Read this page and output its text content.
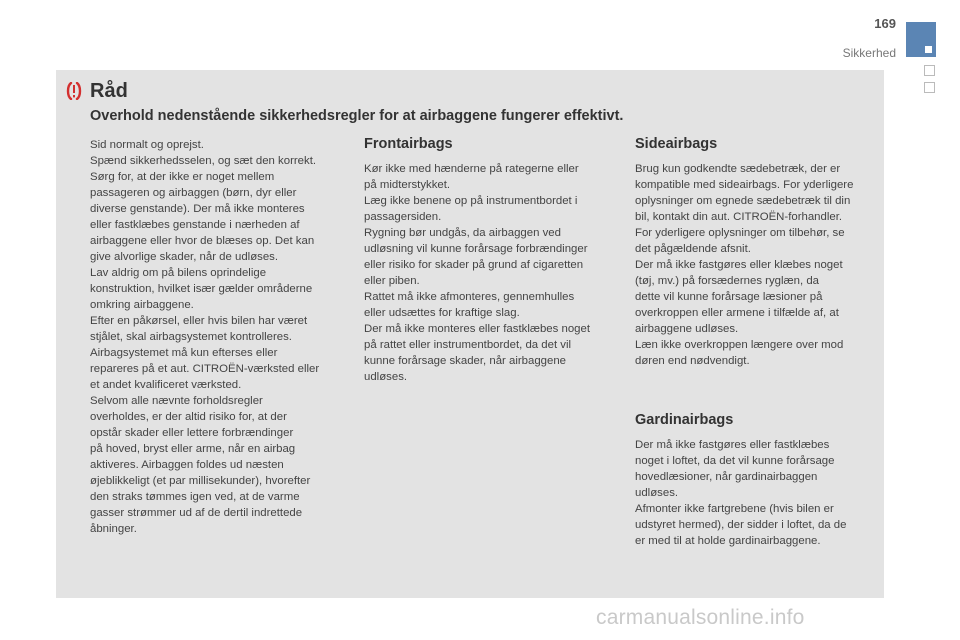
169
Sikkerhed
Råd
Overhold nedenstående sikkerhedsregler for at airbaggene fungerer effektivt.
Sid normalt og oprejst.
Spænd sikkerhedsselen, og sæt den korrekt.
Sørg for, at der ikke er noget mellem
passageren og airbaggen (børn, dyr eller
diverse genstande). Der må ikke monteres
eller fastklæbes genstande i nærheden af
airbaggene eller hvor de blæses op. Det kan
give alvorlige skader, når de udløses.
Lav aldrig om på bilens oprindelige
konstruktion, hvilket især gælder områderne
omkring airbaggene.
Efter en påkørsel, eller hvis bilen har været
stjålet, skal airbagsystemet kontrolleres.
Airbagsystemet må kun efterses eller
repareres på et aut. CITROËN-værksted eller
et andet kvalificeret værksted.
Selvom alle nævnte forholdsregler
overholdes, er der altid risiko for, at der
opstår skader eller lettere forbrændinger
på hoved, bryst eller arme, når en airbag
aktiveres. Airbaggen foldes ud næsten
øjeblikkeligt (et par millisekunder), hvorefter
den straks tømmes igen ved, at de varme
gasser strømmer ud af de dertil indrettede
åbninger.
Frontairbags
Kør ikke med hænderne på rategerne eller
på midterstykket.
Læg ikke benene op på instrumentbordet i
passagersiden.
Rygning bør undgås, da airbaggen ved
udløsning vil kunne forårsage forbrændinger
eller risiko for skader på grund af cigaretten
eller piben.
Rattet må ikke afmonteres, gennemhulles
eller udsættes for kraftige slag.
Der må ikke monteres eller fastklæbes noget
på rattet eller instrumentbordet, da det vil
kunne forårsage skader, når airbaggene
udløses.
Sideairbags
Brug kun godkendte sædebetræk, der er
kompatible med sideairbags. For yderligere
oplysninger om egnede sædebetræk til din
bil, kontakt din aut. CITROËN-forhandler.
For yderligere oplysninger om tilbehør, se
det pågældende afsnit.
Der må ikke fastgøres eller klæbes noget
(tøj, mv.) på forsædernes ryglæn, da
dette vil kunne forårsage læsioner på
overkroppen eller armene i tilfælde af, at
airbaggene udløses.
Læn ikke overkroppen længere over mod
døren end nødvendigt.
Gardinairbags
Der må ikke fastgøres eller fastklæbes
noget i loftet, da det vil kunne forårsage
hovedlæsioner, når gardinairbaggen
udløses.
Afmonter ikke fartgrebene (hvis bilen er
udstyret hermed), der sidder i loftet, da de
er med til at holde gardinairbaggene.
carmanualsonline.info
